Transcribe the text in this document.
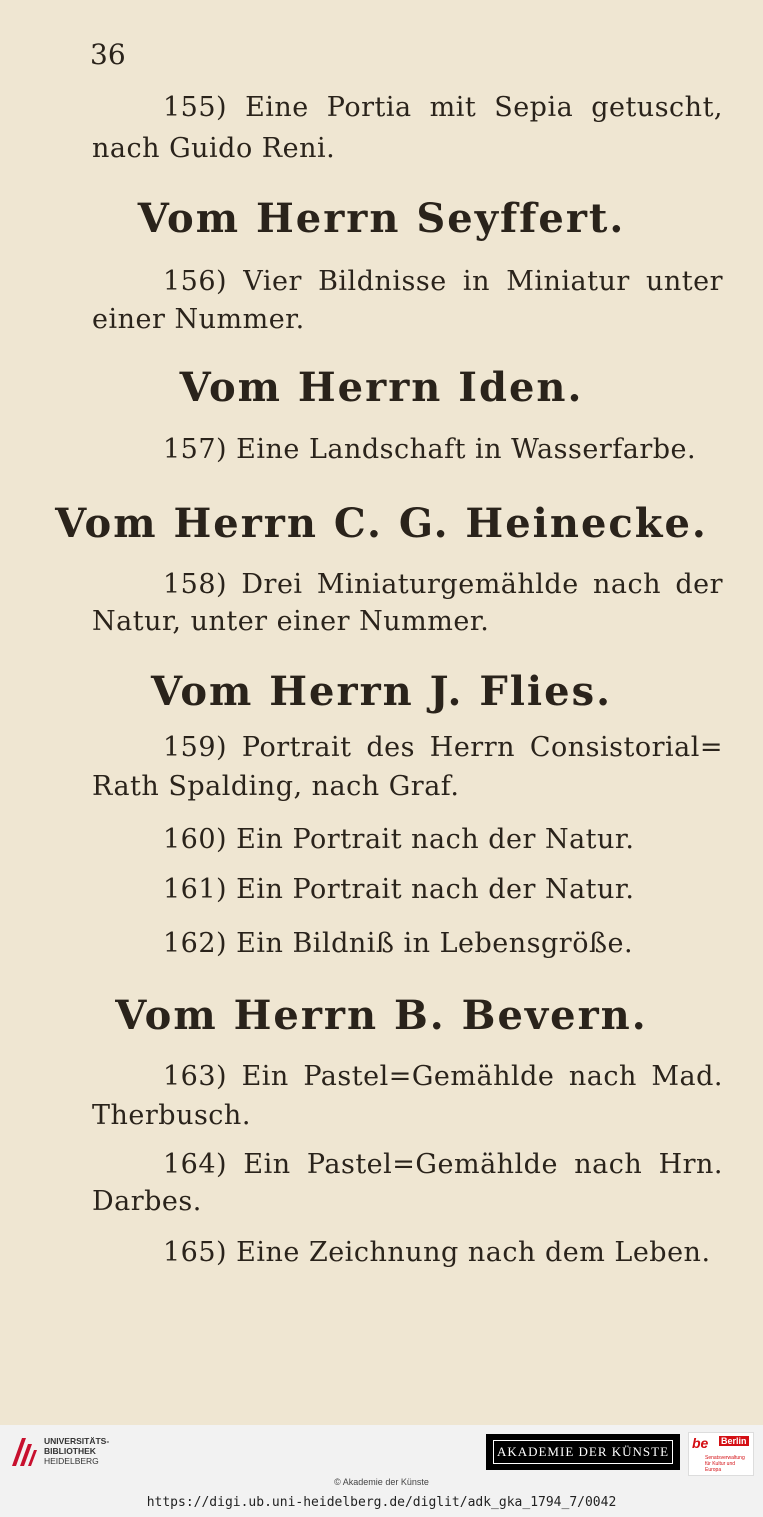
36
155) Eine Portia mit Sepia getuscht,
nach Guido Reni.
Vom Herrn Seyffert.
156) Vier Bildnisse in Miniatur unter
einer Nummer.
Vom Herrn Iden.
157) Eine Landschaft in Wasserfarbe.
Vom Herrn C. G. Heinecke.
158) Drei Miniaturgemählde nach der
Natur, unter einer Nummer.
Vom Herrn J. Flies.
159) Portrait des Herrn Consistorial=
Rath Spalding, nach Graf.
160) Ein Portrait nach der Natur.
161) Ein Portrait nach der Natur.
162) Ein Bildniß in Lebensgröße.
Vom Herrn B. Bevern.
163) Ein Pastel=Gemählde nach Mad.
Therbusch.
164) Ein Pastel=Gemählde nach Hrn.
Darbes.
165) Eine Zeichnung nach dem Leben.
UNIVERSITÄTS-
BIBLIOTHEK
HEIDELBERG
AKADEMIE DER KÜNSTE
be Berlin
Senatsverwaltung für Kultur und Europa
© Akademie der Künste
https://digi.ub.uni-heidelberg.de/diglit/adk_gka_1794_7/0042
